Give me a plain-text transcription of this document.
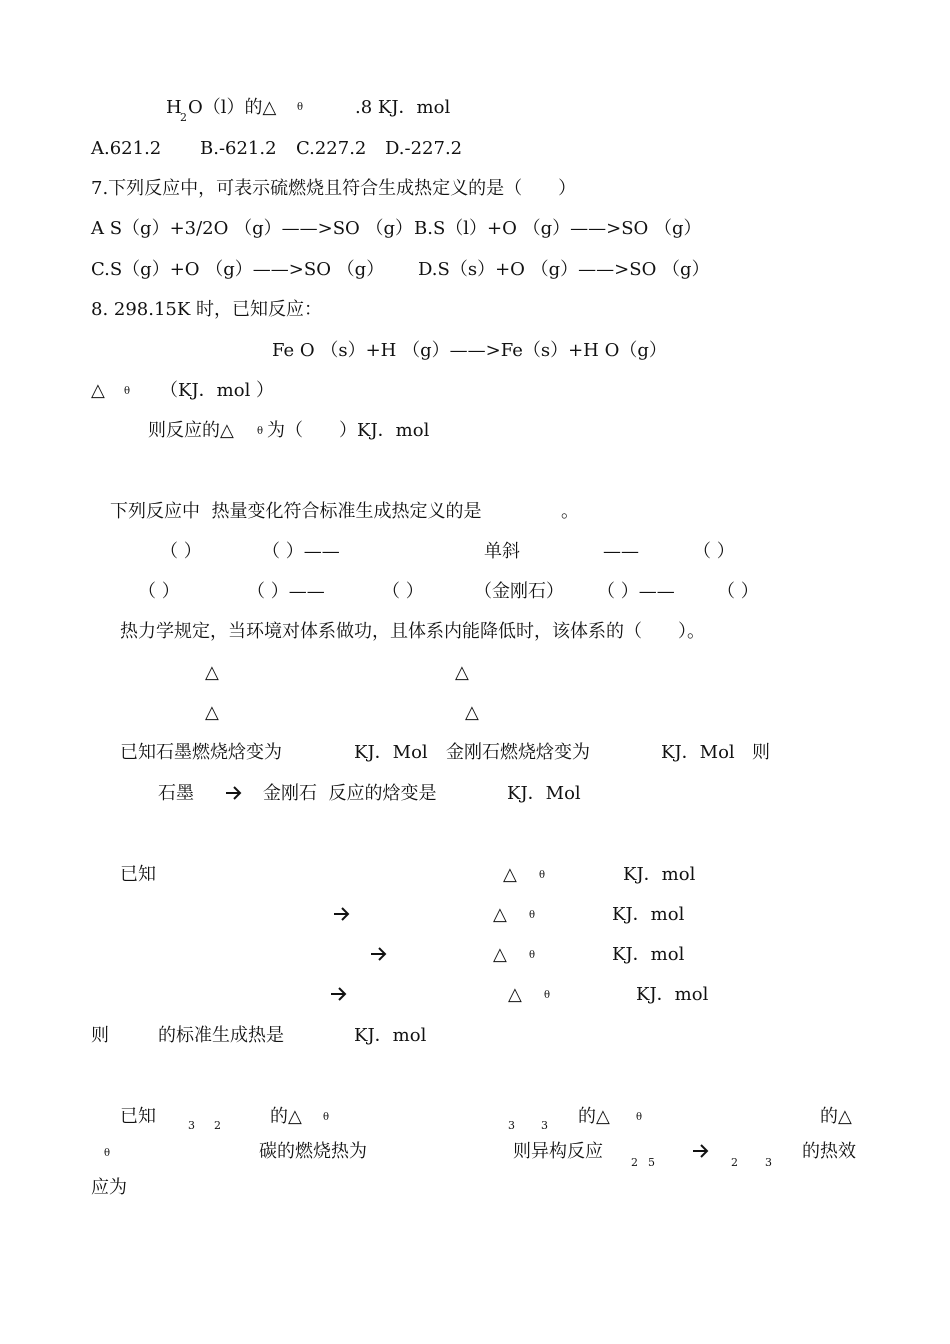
H
2 O（l）的△ θ	.8 KJ．mol
A.621.2 B.-621.2 C.227.2 D.-227.2
7.下列反应中，可表示硫燃烧且符合生成热定义的是（　　）
A S（g）+3/2O （g）——>SO （g） B.S（l）+O （g）——>SO （g）
C.S（g）+O （g）——>SO （g） D.S（s）+O （g）——>SO （g）
8. 298.15K 时，已知反应：
Fe O （s）+H （g）——>Fe（s）+H O（g）
△ θ （KJ．mol ）
则反应的△ θ 为（　　）KJ．mol
下列反应中  热量变化符合标准生成热定义的是	。
（ ）	（ ）——	单斜	——	（ ）
（ ）	（ ）——	（ ）	（金刚石） （ ）—— （ ）
热力学规定，当环境对体系做功，且体系内能降低时，该体系的（　　）。
△	△
△	△
已知石墨燃烧焓变为	KJ．Mol 金刚石燃烧焓变为	KJ．Mol 则
石墨	金刚石  反应的焓变是	KJ．Mol
已知	△ θ	KJ．mol
△ θ	KJ．mol
△ θ	KJ．mol
△ θ	KJ．mol
则	的标准生成热是	KJ．mol
已知	3 2	的△ θ
3 3 的△	θ	的△
θ	碳的燃烧热为	则异构反应
2 5	2 3
的热效
应为
